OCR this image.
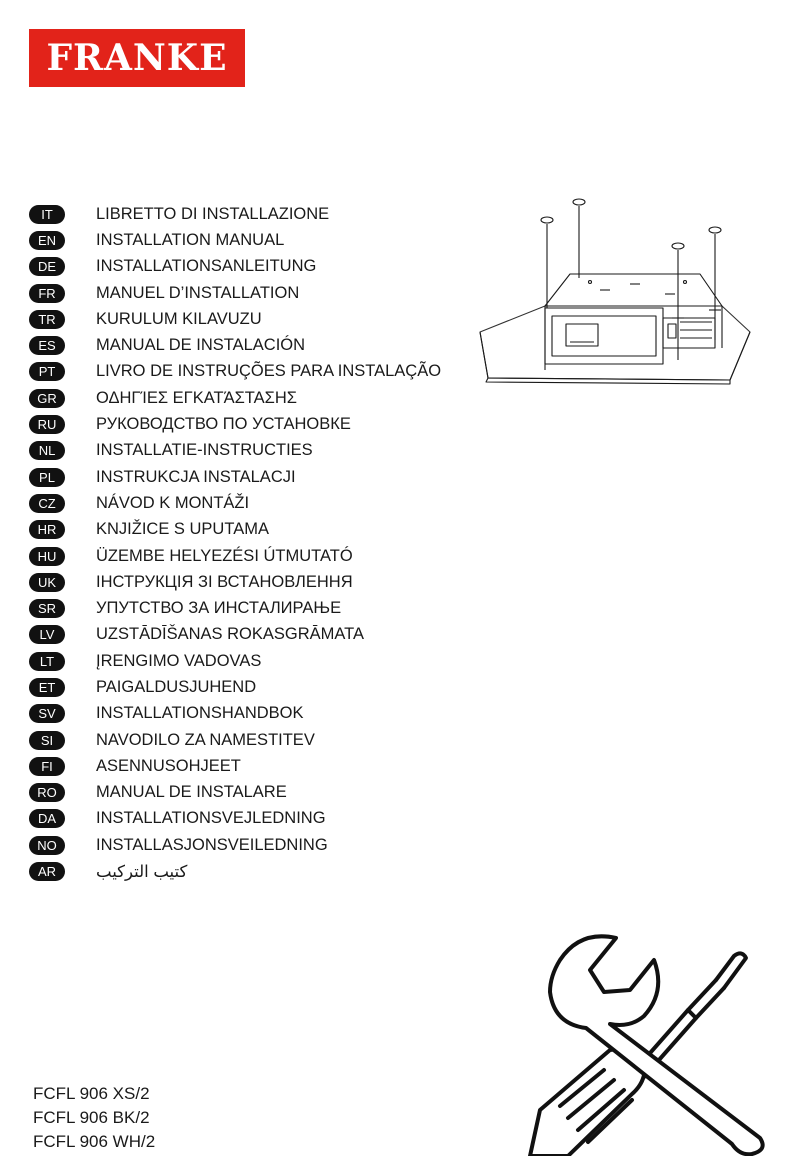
FRANKE
IT	LIBRETTO DI INSTALLAZIONE
EN	INSTALLATION MANUAL
DE	INSTALLATIONSANLEITUNG
FR	MANUEL D’INSTALLATION
TR	KURULUM KILAVUZU
ES	MANUAL DE INSTALACIÓN
PT	LIVRO DE INSTRUÇÕES PARA INSTALAÇÃO
GR	ΟΔΗΓΊΕΣ ΕΓΚΑΤΆΣΤΑΣΗΣ
RU	РУКОВОДСТВО ПО УСТАНОВКЕ
NL	INSTALLATIE-INSTRUCTIES
PL	INSTRUKCJA INSTALACJI
CZ	NÁVOD K MONTÁŽI
HR	KNJIŽICE S UPUTAMA
HU	ÜZEMBE HELYEZÉSI ÚTMUTATÓ
UK	ІНСТРУКЦІЯ ЗІ ВСТАНОВЛЕННЯ
SR	УПУТСТВО ЗА ИНСТАЛИРАЊЕ
LV	UZSTĀDĪŠANAS ROKASGRĀMATA
LT	ĮRENGIMO VADOVAS
ET	PAIGALDUSJUHEND
SV	INSTALLATIONSHANDBOK
SI	NAVODILO ZA NAMESTITEV
FI	ASENNUSOHJEET
RO	MANUAL DE INSTALARE
DA	INSTALLATIONSVEJLEDNING
NO	INSTALLASJONSVEILEDNING
AR	كتيب التركيب
FCFL 906 XS/2
FCFL 906 BK/2
FCFL 906 WH/2
